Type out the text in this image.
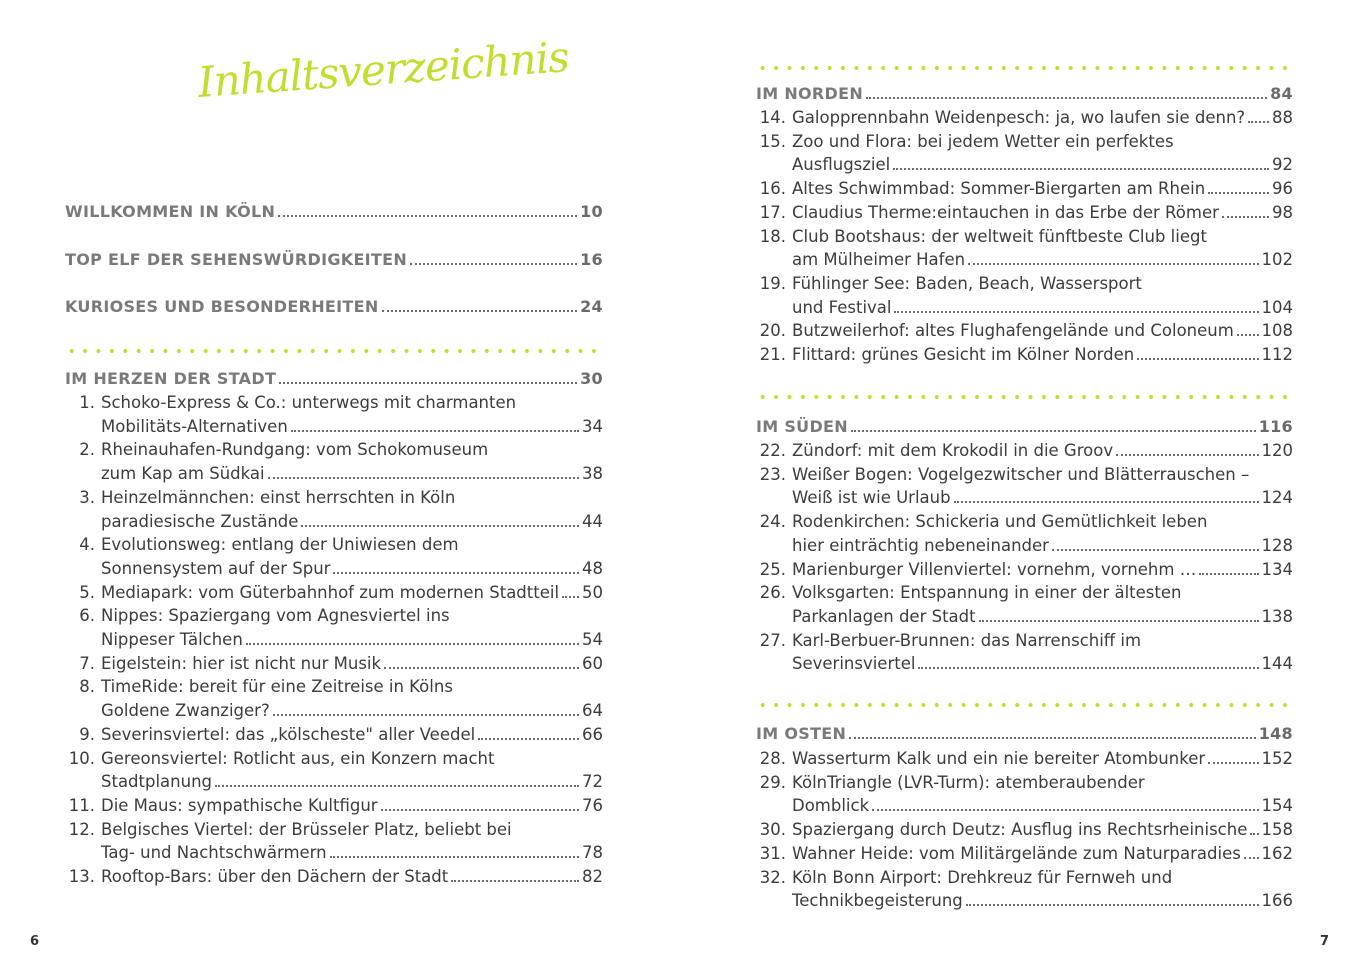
Inhaltsverzeichnis
WILLKOMMEN IN KÖLN	10
TOP ELF DER SEHENSWÜRDIGKEITEN	16
KURIOSES UND BESONDERHEITEN	24
IM HERZEN DER STADT	30
1. Schoko-Express & Co.: unterwegs mit charmanten
Mobilitäts-Alternativen	34
2. Rheinauhafen-Rundgang: vom Schokomuseum
zum Kap am Südkai	38
3. Heinzelmännchen: einst herrschten in Köln
paradiesische Zustände	44
4. Evolutionsweg: entlang der Uniwiesen dem
Sonnensystem auf der Spur	48
5. Mediapark: vom Güterbahnhof zum modernen Stadtteil 50
6. Nippes: Spaziergang vom Agnesviertel ins
Nippeser Tälchen	54
7. Eigelstein: hier ist nicht nur Musik	60
8. TimeRide: bereit für eine Zeitreise in Kölns
Goldene Zwanziger?	64
9. Severinsviertel: das „kölscheste" aller Veedel	66
10. Gereonsviertel: Rotlicht aus, ein Konzern macht
Stadtplanung	72
11. Die Maus: sympathische Kultfigur	76
12. Belgisches Viertel: der Brüsseler Platz, beliebt bei
Tag- und Nachtschwärmern	78
13. Rooftop-Bars: über den Dächern der Stadt	82
6
IM NORDEN	84
14. Galopprennbahn Weidenpesch: ja, wo laufen sie denn? 88
15. Zoo und Flora: bei jedem Wetter ein perfektes
Ausflugsziel	92
16. Altes Schwimmbad: Sommer-Biergarten am Rhein	96
17. Claudius Therme:eintauchen in das Erbe der Römer	98
18. Club Bootshaus: der weltweit fünftbeste Club liegt
am Mülheimer Hafen	102
19. Fühlinger See: Baden, Beach, Wassersport
und Festival	104
20. Butzweilerhof: altes Flughafengelände und Coloneum 108
21. Flittard: grünes Gesicht im Kölner Norden	112
IM SÜDEN	116
22. Zündorf: mit dem Krokodil in die Groov	120
23. Weißer Bogen: Vogelgezwitscher und Blätterrauschen –
Weiß ist wie Urlaub	124
24. Rodenkirchen: Schickeria und Gemütlichkeit leben
hier einträchtig nebeneinander	128
25. Marienburger Villenviertel: vornehm, vornehm …	134
26. Volksgarten: Entspannung in einer der ältesten
Parkanlagen der Stadt	138
27. Karl-Berbuer-Brunnen: das Narrenschiff im
Severinsviertel	144
IM OSTEN	148
28. Wasserturm Kalk und ein nie bereiter Atombunker	152
29. KölnTriangle (LVR-Turm): atemberaubender
Domblick	154
30. Spaziergang durch Deutz: Ausflug ins Rechtsrheinische 158
31. Wahner Heide: vom Militärgelände zum Naturparadies 162
32. Köln Bonn Airport: Drehkreuz für Fernweh und
Technikbegeisterung	166
7
